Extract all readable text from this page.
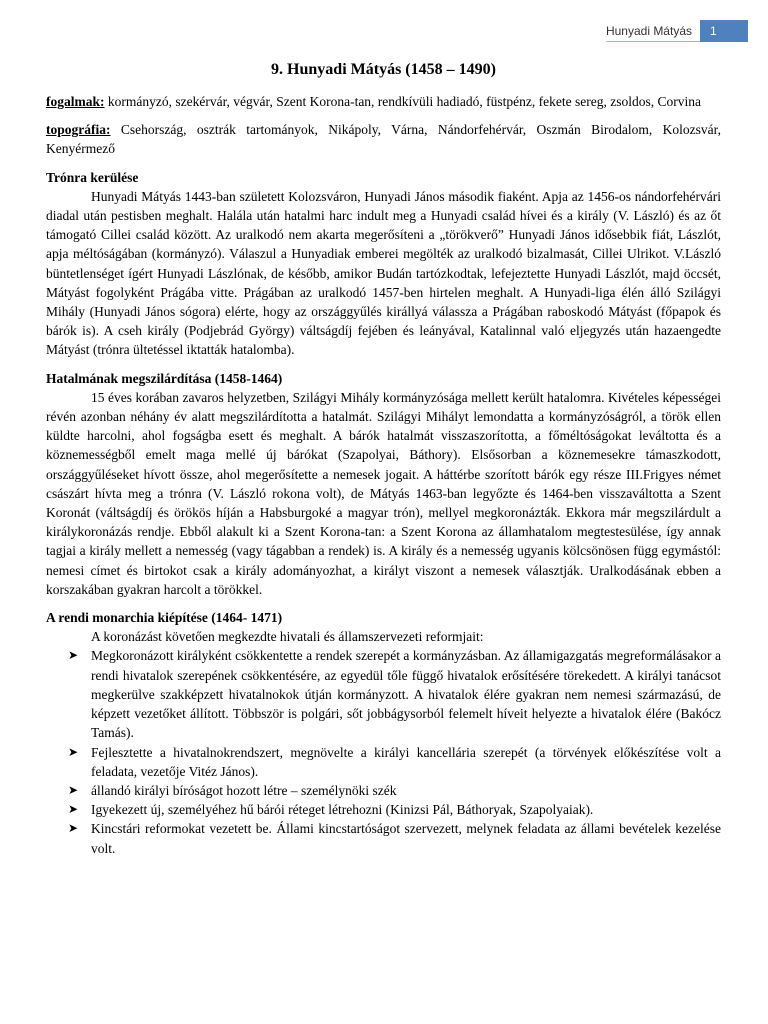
Hunyadi Mátyás	1
9. Hunyadi Mátyás (1458 – 1490)

fogalmak: kormányzó, szekérvár, végvár, Szent Korona-tan, rendkívüli hadiadó, füstpénz, fekete sereg, zsoldos, Corvina

topográfia: Csehország, osztrák tartományok, Nikápoly, Várna, Nándorfehérvár, Oszmán Birodalom, Kolozsvár, Kenyérmező

Trónra kerülése

Hunyadi Mátyás 1443-ban született Kolozsváron, Hunyadi János második fiaként. Apja az 1456-os nándorfehérvári diadal után pestisben meghalt. Halála után hatalmi harc indult meg a Hunyadi család hívei és a király (V. László) és az őt támogató Cillei család között. Az uralkodó nem akarta megerősíteni a „törökverő” Hunyadi János idősebbik fiát, Lászlót, apja méltóságában (kormányzó). Válaszul a Hunyadiak emberei megölték az uralkodó bizalmasát, Cillei Ulrikot. V.László büntetlenséget ígért Hunyadi Lászlónak, de később, amikor Budán tartózkodtak, lefejeztette Hunyadi Lászlót, majd öccsét, Mátyást fogolyként Prágába vitte. Prágában az uralkodó 1457-ben hirtelen meghalt. A Hunyadi-liga élén álló Szilágyi Mihály (Hunyadi János sógora) elérte, hogy az országgyűlés királlyá válassza a Prágában raboskodó Mátyást (főpapok és bárók is). A cseh király (Podjebrád György) váltságdíj fejében és leányával, Katalinnal való eljegyzés után hazaengedte Mátyást (trónra ültetéssel iktatták hatalomba).

Hatalmának megszilárdítása (1458-1464)

15 éves korában zavaros helyzetben, Szilágyi Mihály kormányzósága mellett került hatalomra. Kivételes képességei révén azonban néhány év alatt megszilárdította a hatalmát. Szilágyi Mihályt lemondatta a kormányzóságról, a török ellen küldte harcolni, ahol fogságba esett és meghalt. A bárók hatalmát visszaszorította, a főméltóságokat leváltotta és a köznemességből emelt maga mellé új bárókat (Szapolyai, Báthory). Elsősorban a köznemesekre támaszkodott, országgyűléseket hívott össze, ahol megerősítette a nemesek jogait. A háttérbe szorított bárók egy része III.Frigyes német császárt hívta meg a trónra (V. László rokona volt), de Mátyás 1463-ban legyőzte és 1464-ben visszaváltotta a Szent Koronát (váltságdíj és örökös híján a Habsburgoké a magyar trón), mellyel megkoronázták. Ekkora már megszilárdult a királykoronázás rendje. Ebből alakult ki a Szent Korona-tan: a Szent Korona az államhatalom megtestesülése, így annak tagjai a király mellett a nemesség (vagy tágabban a rendek) is. A király és a nemesség ugyanis kölcsönösen függ egymástól: nemesi címet és birtokot csak a király adományozhat, a királyt viszont a nemesek választják. Uralkodásának ebben a korszakában gyakran harcolt a törökkel.

A rendi monarchia kiépítése (1464- 1471)

A koronázást követően megkezdte hivatali és államszervezeti reformjait:

➤ Megkoronázott királyként csökkentette a rendek szerepét a kormányzásban. Az államigazgatás megreformálásakor a rendi hivatalok szerepének csökkentésére, az egyedül tőle függő hivatalok erősítésére törekedett. A királyi tanácsot megkerülve szakképzett hivatalnokok útján kormányzott. A hivatalok élére gyakran nem nemesi származású, de képzett vezetőket állított. Többször is polgári, sőt jobbágysorból felemelt híveit helyezte a hivatalok élére (Bakócz Tamás).
➤ Fejlesztette a hivatalnokrendszert, megnövelte a királyi kancellária szerepét (a törvények előkészítése volt a feladata, vezetője Vitéz János).
➤ állandó királyi bíróságot hozott létre – személynöki szék
➤ Igyekezett új, személyéhez hű bárói réteget létrehozni (Kinizsi Pál, Báthoryak, Szapolyaiak).
➤ Kincstári reformokat vezetett be. Állami kincstartóságot szervezett, melynek feladata az állami bevételek kezelése volt.
